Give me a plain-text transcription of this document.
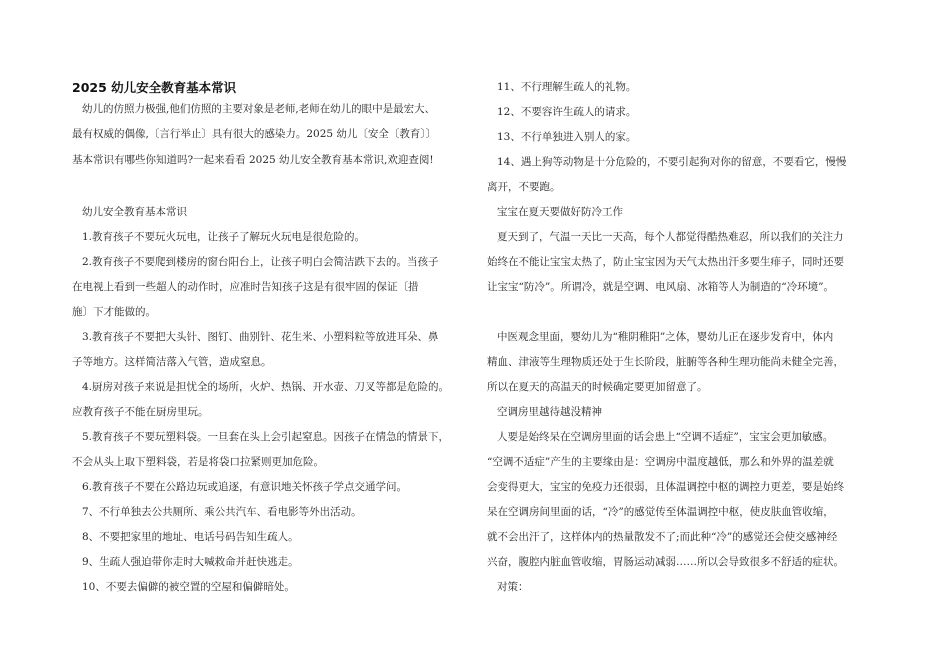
2025 幼儿安全教育基本常识
幼儿的仿照力极强,他们仿照的主要对象是老师,老师在幼儿的眼中是最宏大、
最有权威的偶像,〔言行举止〕具有很大的感染力。2025 幼儿〔安全〔教育〕〕
基本常识有哪些你知道吗?一起来看看 2025 幼儿安全教育基本常识,欢迎查阅!
幼儿安全教育基本常识
1.教育孩子不要玩火玩电，让孩子了解玩火玩电是很危险的。
2.教育孩子不要爬到楼房的窗台阳台上，让孩子明白会简洁跌下去的。当孩子
在电视上看到一些超人的动作时，应准时告知孩子这是有很牢固的保证〔措
施〕下才能做的。
3.教育孩子不要把大头针、图钉、曲别针、花生米、小塑料粒等放进耳朵、鼻
子等地方。这样简洁落入气管，造成窒息。
4.厨房对孩子来说是担忧全的场所，火炉、热锅、开水壶、刀叉等都是危险的。
应教育孩子不能在厨房里玩。
5.教育孩子不要玩塑料袋。一旦套在头上会引起窒息。因孩子在情急的情景下，
不会从头上取下塑料袋，若是将袋口拉紧则更加危险。
6.教育孩子不要在公路边玩或追逐，有意识地关怀孩子学点交通学问。
7、不行单独去公共厕所、乘公共汽车、看电影等外出活动。
8、不要把家里的地址、电话号码告知生疏人。
9、生疏人强迫带你走时大喊救命并赶快逃走。
10、不要去偏僻的被空置的空屋和偏僻暗处。
11、不行理解生疏人的礼物。
12、不要容许生疏人的请求。
13、不行单独进入别人的家。
14、遇上狗等动物是十分危险的，不要引起狗对你的留意，不要看它，慢慢
离开，不要跑。
宝宝在夏天要做好防冷工作
夏天到了，气温一天比一天高，每个人都觉得酷热难忍，所以我们的关注力
始终在不能让宝宝太热了，防止宝宝因为天气太热出汗多要生痱子，同时还要
让宝宝“防冷”。所谓冷，就是空调、电风扇、冰箱等人为制造的“冷环境”。
中医观念里面，婴幼儿为“稚阴稚阳”之体，婴幼儿正在逐步发育中，体内
精血、津液等生理物质还处于生长阶段，脏腑等各种生理功能尚未健全完善，
所以在夏天的高温天的时候确定要更加留意了。
空调房里越待越没精神
人要是始终呆在空调房里面的话会患上“空调不适症”，宝宝会更加敏感。
“空调不适症”产生的主要缘由是：空调房中温度越低，那么和外界的温差就
会变得更大，宝宝的免疫力还很弱，且体温调控中枢的调控力更差，要是始终
呆在空调房间里面的话，“冷”的感觉传至体温调控中枢，使皮肤血管收缩，
就不会出汗了，这样体内的热量散发不了;而此种“冷”的感觉还会使交感神经
兴奋，腹腔内脏血管收缩，胃肠运动减弱……所以会导致很多不舒适的症状。
对策：
